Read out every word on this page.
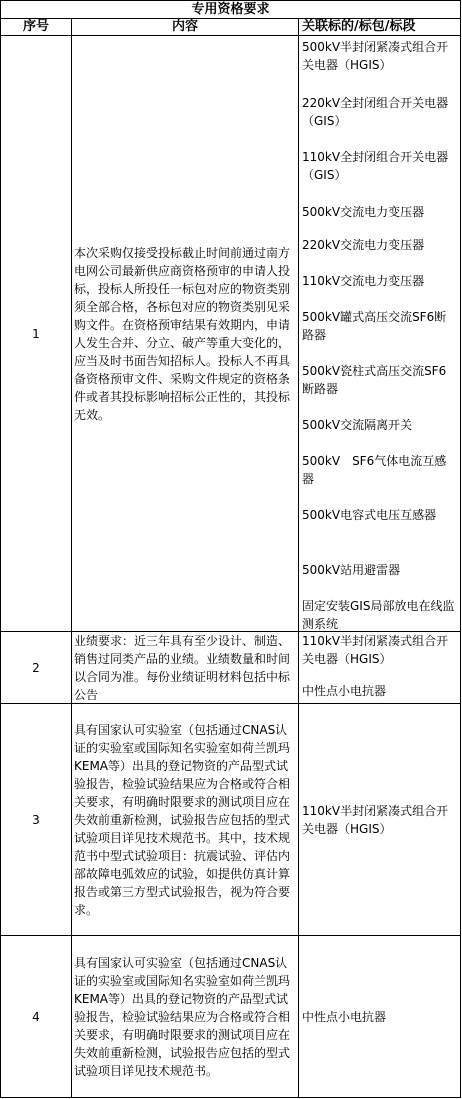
专用资格要求
序号	内容	关联标的/标包/标段
1
本次采购仅接受投标截止时间前通过南方电网公司最新供应商资格预审的申请人投标，投标人所投任一标包对应的物资类别须全部合格，各标包对应的物资类别见采购文件。在资格预审结果有效期内，申请人发生合并、分立、破产等重大变化的，应当及时书面告知招标人。投标人不再具备资格预审文件、采购文件规定的资格条件或者其投标影响招标公正性的，其投标无效。
500kV半封闭紧凑式组合开关电器（HGIS）
220kV全封闭组合开关电器（GIS）
110kV全封闭组合开关电器（GIS）
500kV交流电力变压器
220kV交流电力变压器
110kV交流电力变压器
500kV罐式高压交流SF6断路器
500kV瓷柱式高压交流SF6断路器
500kV交流隔离开关
500kV　SF6气体电流互感器
500kV电容式电压互感器
500kV站用避雷器
固定安装GIS局部放电在线监测系统
2
业绩要求：近三年具有至少设计、制造、销售过同类产品的业绩。业绩数量和时间以合同为准。每份业绩证明材料包括中标公告
110kV半封闭紧凑式组合开关电器（HGIS）
中性点小电抗器
3
具有国家认可实验室（包括通过CNAS认证的实验室或国际知名实验室如荷兰凯玛KEMA等）出具的登记物资的产品型式试验报告，检验试验结果应为合格或符合相关要求，有明确时限要求的测试项目应在失效前重新检测，试验报告应包括的型式试验项目详见技术规范书。其中，技术规范书中型式试验项目：抗震试验、评估内部故障电弧效应的试验，如提供仿真计算报告或第三方型式试验报告，视为符合要求。
110kV半封闭紧凑式组合开关电器（HGIS）
4
具有国家认可实验室（包括通过CNAS认证的实验室或国际知名实验室如荷兰凯玛KEMA等）出具的登记物资的产品型式试验报告，检验试验结果应为合格或符合相关要求，有明确时限要求的测试项目应在失效前重新检测，试验报告应包括的型式试验项目详见技术规范书。
中性点小电抗器
